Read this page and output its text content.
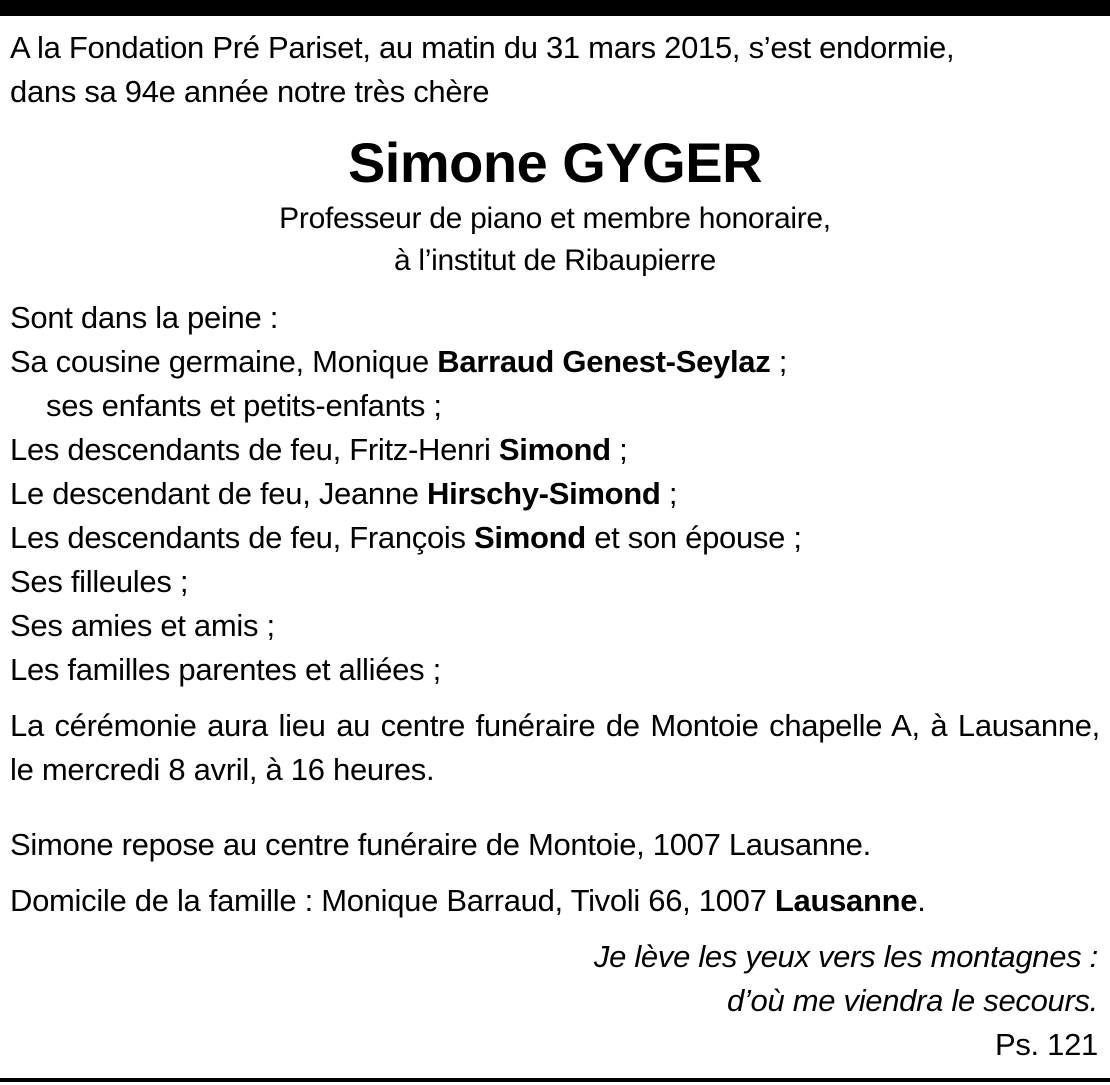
A la Fondation Pré Pariset, au matin du 31 mars 2015, s’est endormie,

dans sa 94e année notre très chère

Simone GYGER
Professeur de piano et membre honoraire,
à l’institut de Ribaupierre

Sont dans la peine :

Sa cousine germaine, Monique Barraud Genest-Seylaz ;

ses enfants et petits-enfants ;

Les descendants de feu, Fritz-Henri Simond ;

Le descendant de feu, Jeanne Hirschy-Simond ;

Les descendants de feu, François Simond et son épouse ;

Ses filleules ;

Ses amies et amis ;

Les familles parentes et alliées ;

La cérémonie aura lieu au centre funéraire de Montoie chapelle A, à Lausanne, le mercredi 8 avril, à 16 heures.

Simone repose au centre funéraire de Montoie, 1007 Lausanne.

Domicile de la famille : Monique Barraud, Tivoli 66, 1007 Lausanne.

Je lève les yeux vers les montagnes :
d’où me viendra le secours.
Ps. 121
